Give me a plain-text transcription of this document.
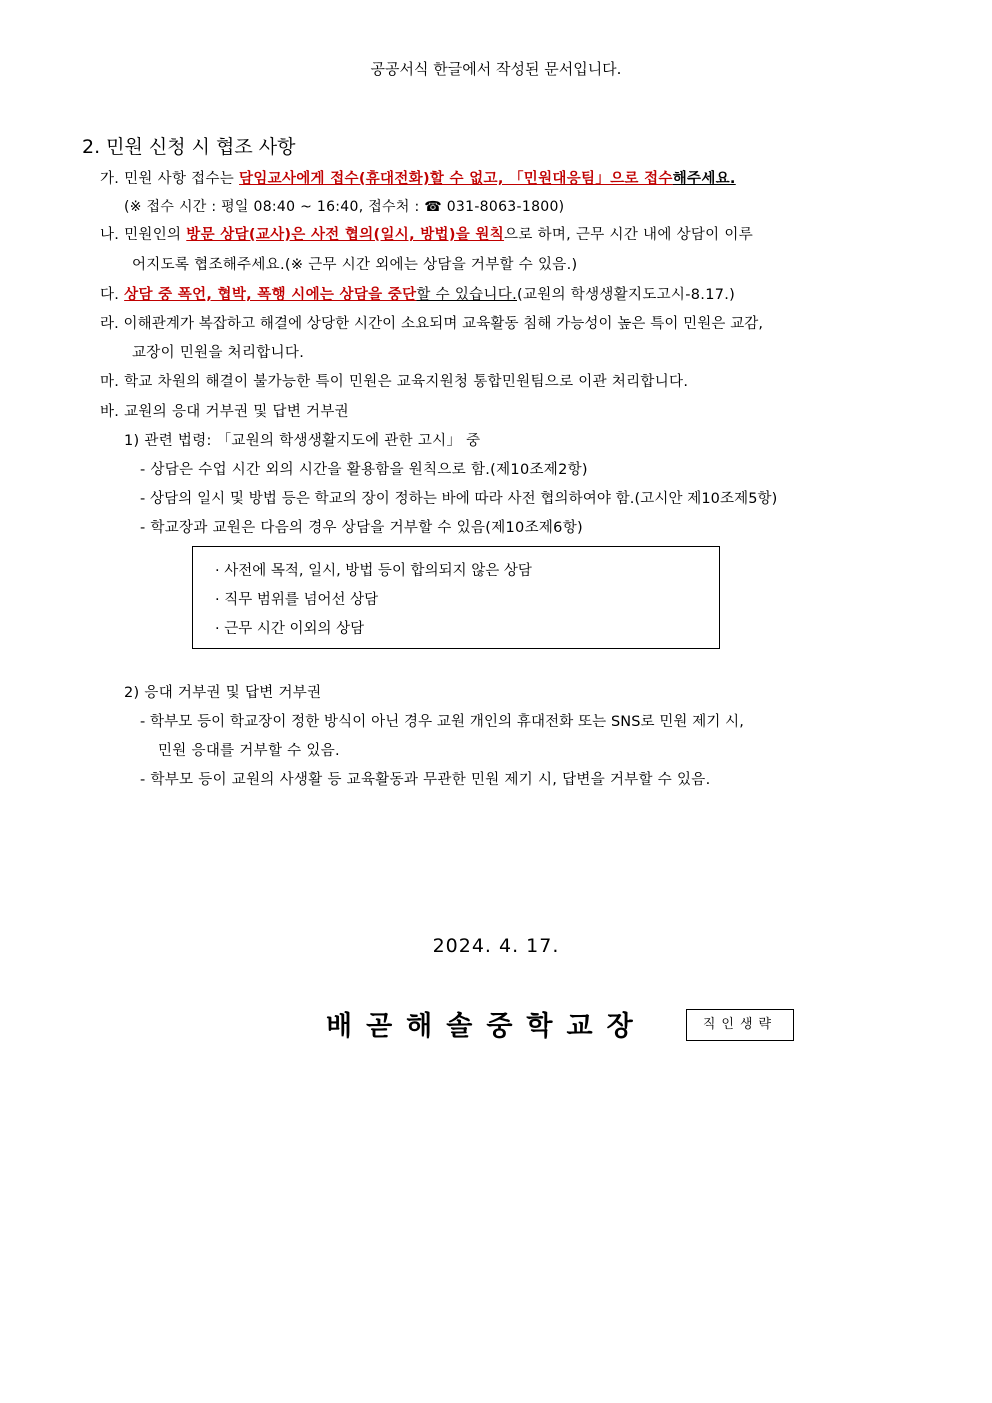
공공서식 한글에서 작성된 문서입니다.
2. 민원 신청 시 협조 사항
가. 민원 사항 접수는 담임교사에게 접수(휴대전화)할 수 없고, 「민원대응팀」으로 접수해주세요.
(※ 접수 시간 : 평일 08:40 ~ 16:40, 접수처 : ☎ 031-8063-1800)
나. 민원인의 방문 상담(교사)은 사전 협의(일시, 방법)을 원칙으로 하며, 근무 시간 내에 상담이 이루
어지도록 협조해주세요.(※ 근무 시간 외에는 상담을 거부할 수 있음.)
다. 상담 중 폭언, 협박, 폭행 시에는 상담을 중단할 수 있습니다.(교원의 학생생활지도고시-8.17.)
라. 이해관계가 복잡하고 해결에 상당한 시간이 소요되며 교육활동 침해 가능성이 높은 특이 민원은 교감,
교장이 민원을 처리합니다.
마. 학교 차원의 해결이 불가능한 특이 민원은 교육지원청 통합민원팀으로 이관 처리합니다.
바. 교원의 응대 거부권 및 답변 거부권
1) 관련 법령: 「교원의 학생생활지도에 관한 고시」 중
- 상담은 수업 시간 외의 시간을 활용함을 원칙으로 함.(제10조제2항)
- 상담의 일시 및 방법 등은 학교의 장이 정하는 바에 따라 사전 협의하여야 함.(고시안 제10조제5항)
- 학교장과 교원은 다음의 경우 상담을 거부할 수 있음(제10조제6항)
· 사전에 목적, 일시, 방법 등이 합의되지 않은 상담
· 직무 범위를 넘어선 상담
· 근무 시간 이외의 상담
2) 응대 거부권 및 답변 거부권
- 학부모 등이 학교장이 정한 방식이 아닌 경우 교원 개인의 휴대전화 또는 SNS로 민원 제기 시,
민원 응대를 거부할 수 있음.
- 학부모 등이 교원의 사생활 등 교육활동과 무관한 민원 제기 시, 답변을 거부할 수 있음.
2024. 4. 17.
배곧해솔중학교장	직인생략
